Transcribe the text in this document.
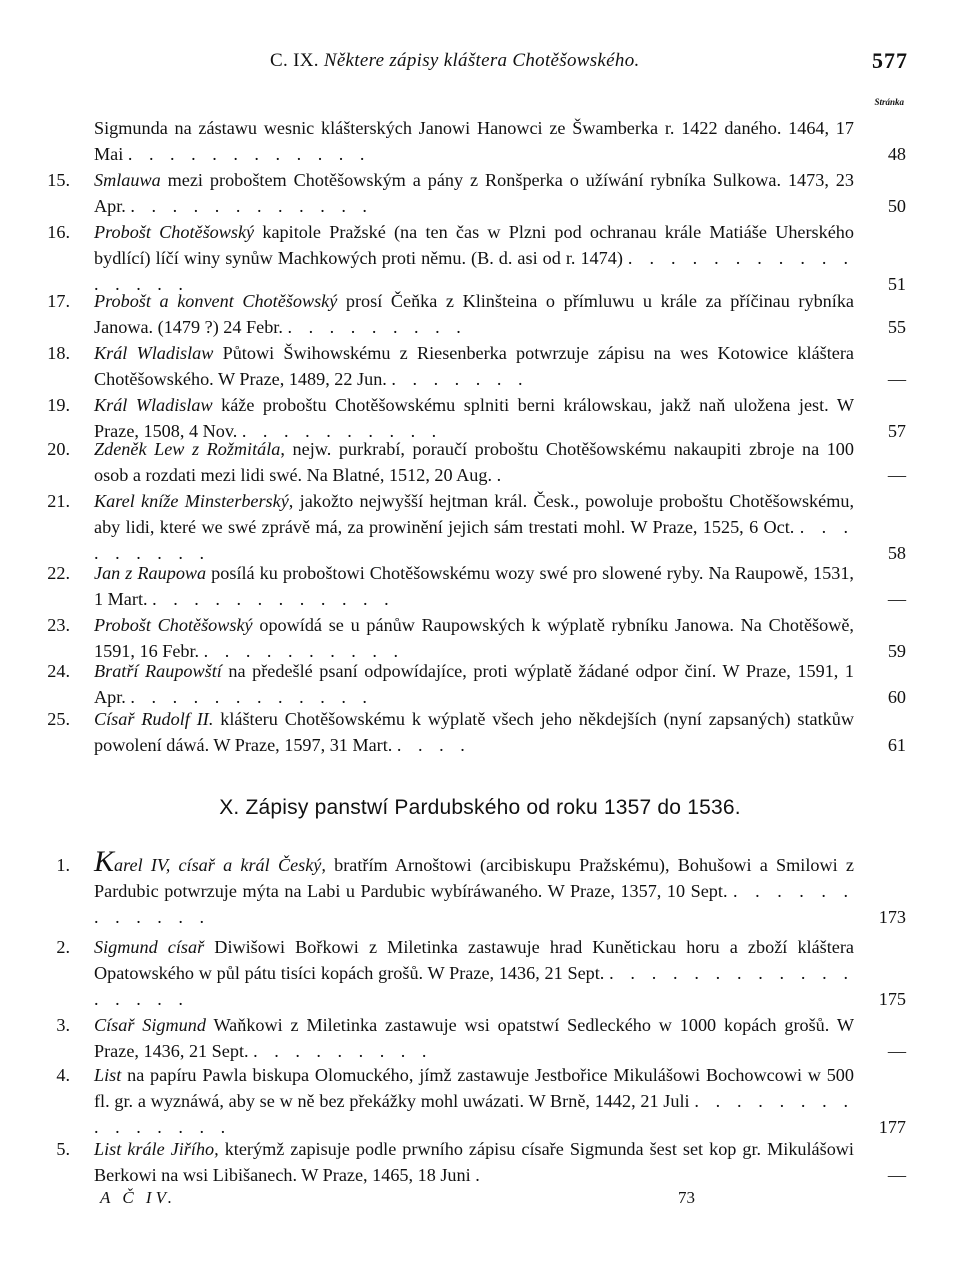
C. IX. Některe zápisy kláštera Chotěšowského.	577
Stránka
Sigmunda na zástawu wesnic klášterských Janowi Hanowci ze Šwamberka r. 1422 daného. 1464, 17 Mai . . . . . . . . . . . .	48
15. Smlauwa mezi proboštem Chotěšowským a pány z Ronšperka o užíwání rybníka Sulkowa. 1473, 23 Apr. . . . . . . . . . . . .	50
16. Probošt Chotěšowský kapitole Pražské (na ten čas w Plzni pod ochranau krále Matiáše Uherského bydlící) líčí winy synůw Machkowých proti němu. (B. d. asi od r. 1474) . . . . . . . . . . . . . . . .	51
17. Probošt a konvent Chotěšowský prosí Čeňka z Klinšteina o přímluwu u krále za příčinau rybníka Janowa. (1479 ?) 24 Febr. . . . . . . . . .	55
18. Král Wladislaw Půtowi Šwihowskému z Riesenberka potwrzuje zápisu na wes Kotowice kláštera Chotěšowského. W Praze, 1489, 22 Jun. . . . . . . .	—
19. Král Wladislaw káže proboštu Chotěšowskému splniti berni králowskau, jakž naň uložena jest. W Praze, 1508, 4 Nov. . . . . . . . . . .	57
20. Zdeněk Lew z Rožmitála, nejw. purkrabí, poraučí proboštu Chotěšowskému nakaupiti zbroje na 100 osob a rozdati mezi lidi swé. Na Blatné, 1512, 20 Aug. .	—
21. Karel kníže Minsterberský, jakožto nejwyšší hejtman král. Česk., powoluje proboštu Chotěšowskému, aby lidi, které we swé zprávě má, za prowinění jejich sám trestati mohl. W Praze, 1525, 6 Oct. . . . . . . . . .	58
22. Jan z Raupowa posílá ku proboštowi Chotěšowskému wozy swé pro slowené ryby. Na Raupowě, 1531, 1 Mart. . . . . . . . . . . . .	—
23. Probošt Chotěšowský opowídá se u pánůw Raupowských k wýplatě rybníku Janowa. Na Chotěšowě, 1591, 16 Febr. . . . . . . . . . .	59
24. Bratří Raupowští na předešlé psaní odpowídajíce, proti wýplatě žádané odpor činí. W Praze, 1591, 1 Apr. . . . . . . . . . . . .	60
25. Císař Rudolf II. klášteru Chotěšowskému k wýplatě všech jeho někdejších (nyní zapsaných) statkůw powolení dáwá. W Praze, 1597, 31 Mart. . . . .	61
X. Zápisy panstwí Pardubského od roku 1357 do 1536.
1. Karel IV, císař a král Český, bratřím Arnoštowi (arcibiskupu Pražskému), Bohušowi a Smilowi z Pardubic potwrzuje mýta na Labi u Pardubic wybíráwaného. W Praze, 1357, 10 Sept. . . . . . . . . . . . .	173
2. Sigmund císař Diwišowi Bořkowi z Miletinka zastawuje hrad Kunětickau horu a zboží kláštera Opatowského w půl pátu tisíci kopách grošů. W Praze, 1436, 21 Sept. . . . . . . . . . . . . . . . . .	175
3. Císař Sigmund Waňkowi z Miletinka zastawuje wsi opatstwí Sedleckého w 1000 kopách grošů. W Praze, 1436, 21 Sept. . . . . . . . . .	—
4. List na papíru Pawla biskupa Olomuckého, jímž zastawuje Jestbořice Mikulášowi Bochowcowi w 500 fl. gr. a wyznáwá, aby se w ně bez překážky mohl uwázati. W Brně, 1442, 21 Juli . . . . . . . . . . . . . . .	177
5. List krále Jiřího, kterýmž zapisuje podle prwního zápisu císaře Sigmunda šest set kop gr. Mikulášowi Berkowi na wsi Libišanech. W Praze, 1465, 18 Juni .	—
A Č IV.	73
